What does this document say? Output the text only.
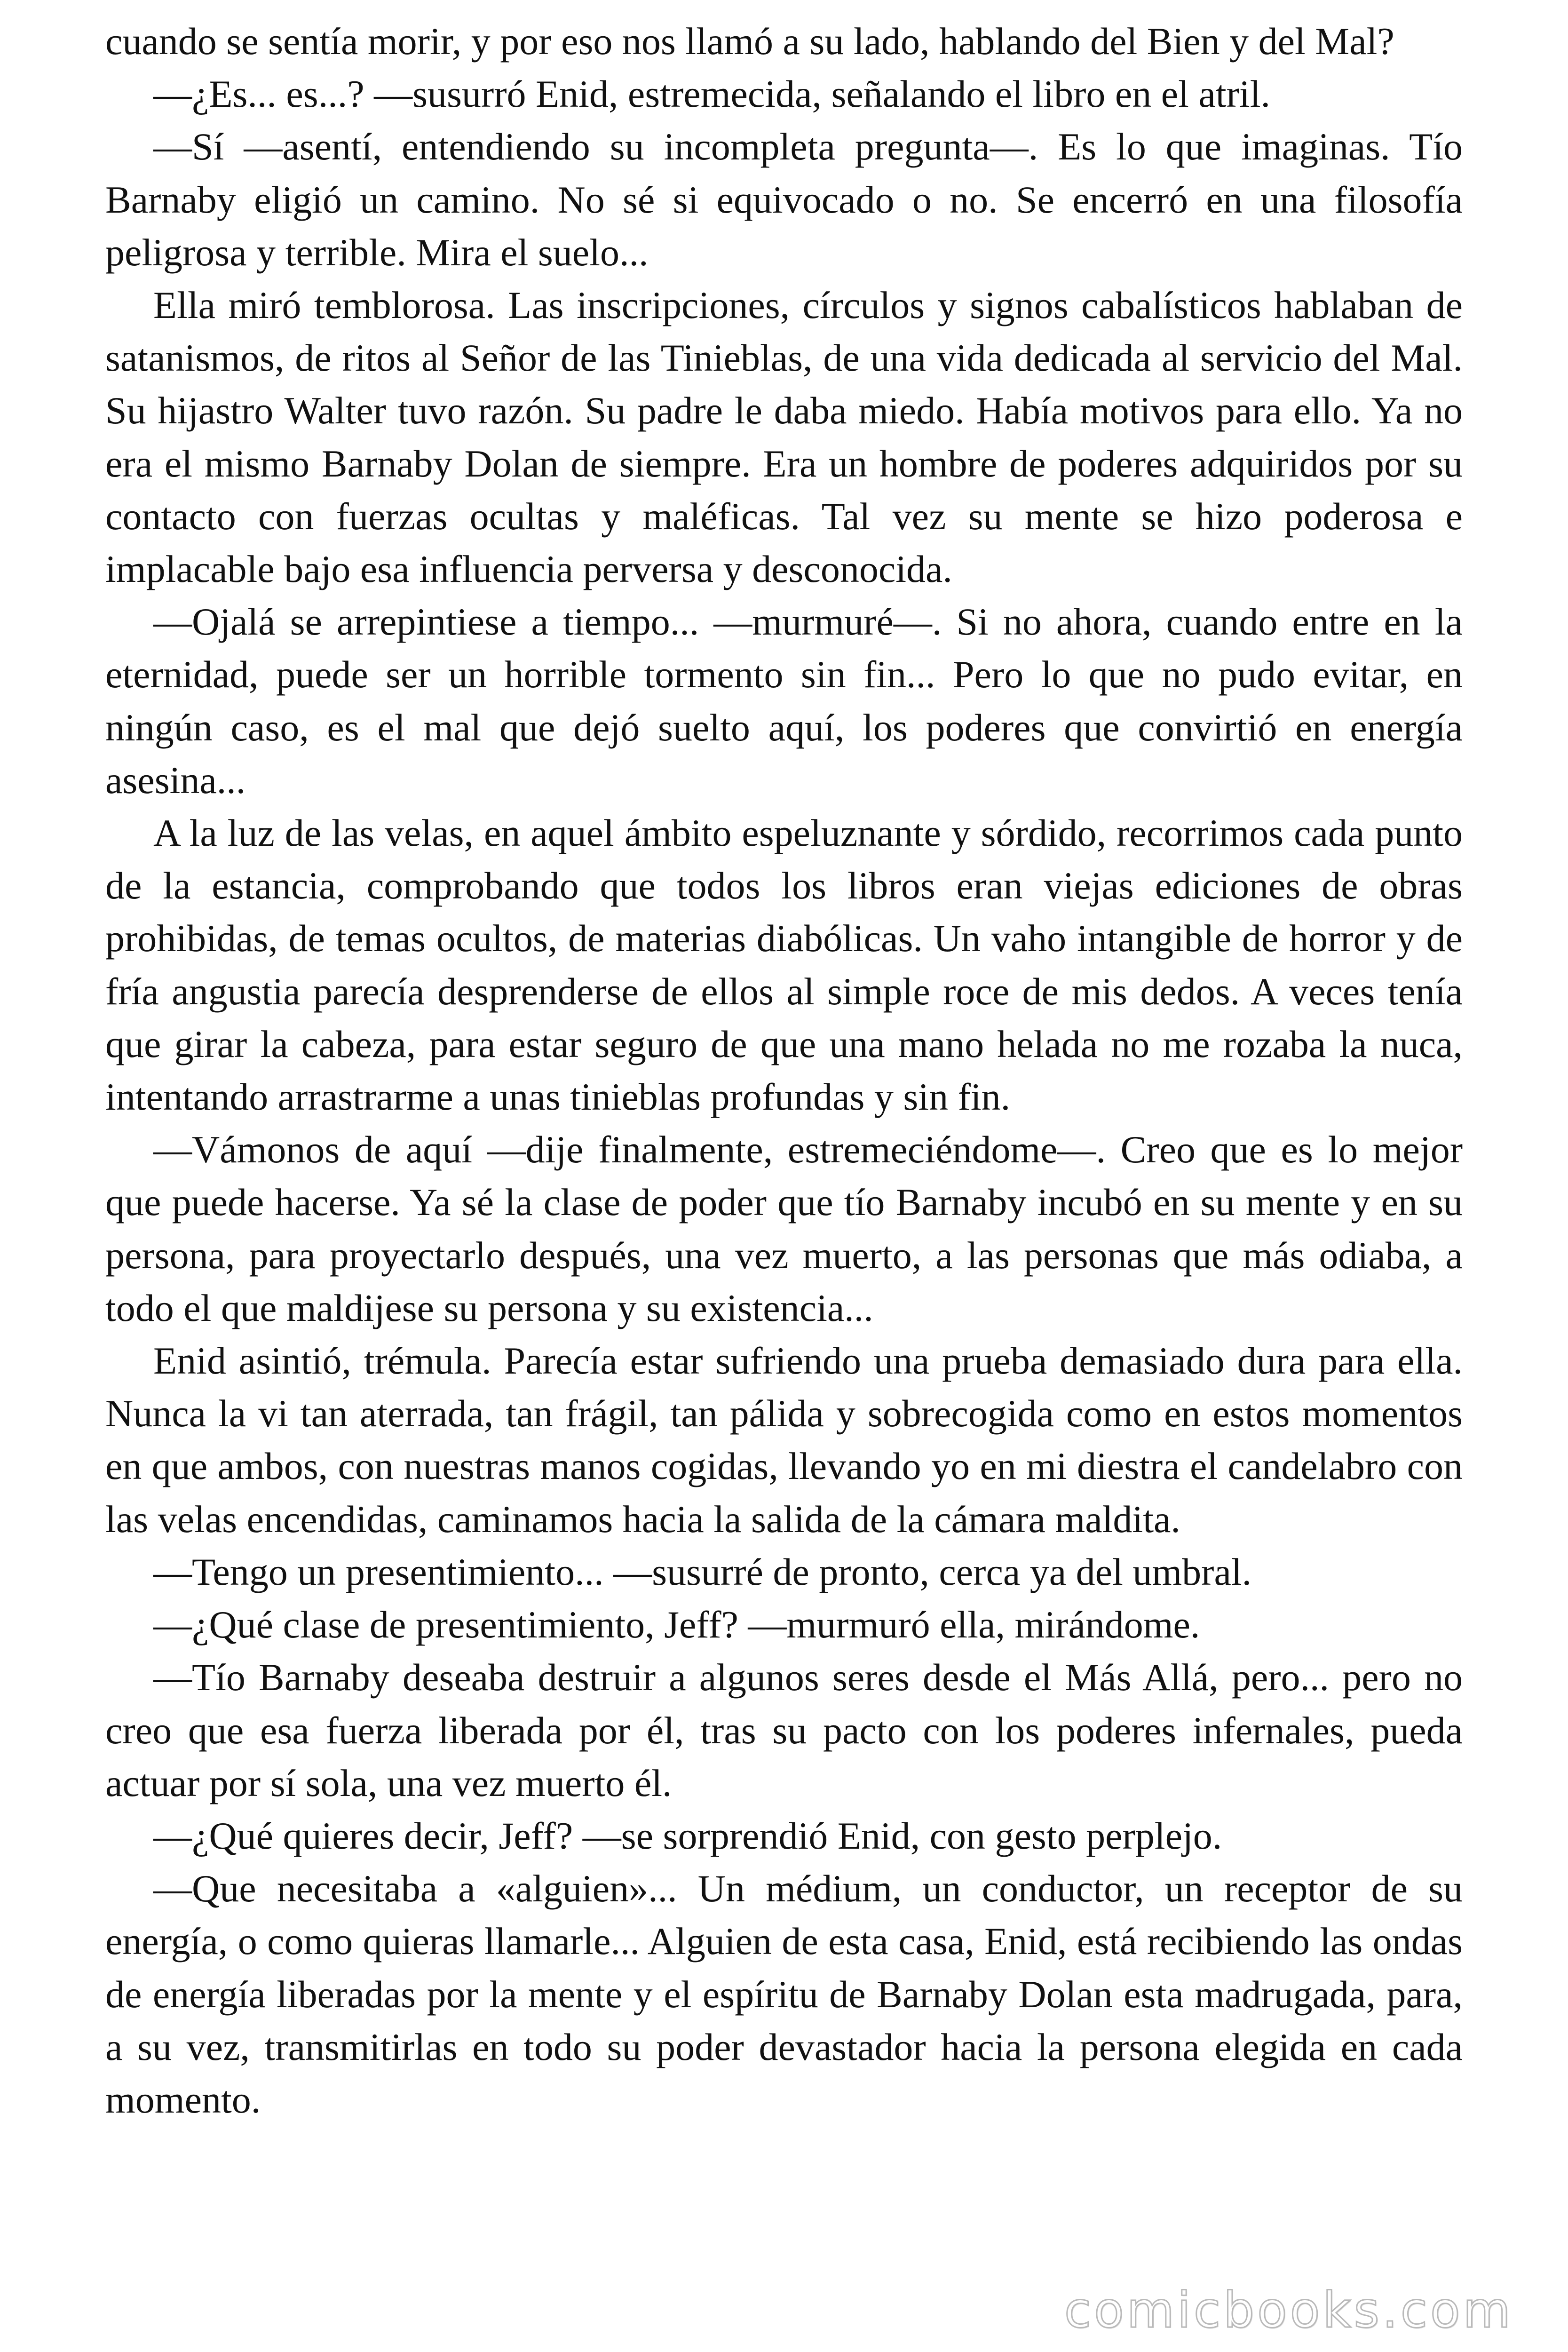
cuando se sentía morir, y por eso nos llamó a su lado, hablando del Bien y del Mal?

—¿Es... es...? —susurró Enid, estremecida, señalando el libro en el atril.

—Sí —asentí, entendiendo su incompleta pregunta—. Es lo que imaginas. Tío Barnaby eligió un camino. No sé si equivocado o no. Se encerró en una filosofía peligrosa y terrible. Mira el suelo...

Ella miró temblorosa. Las inscripciones, círculos y signos cabalísticos hablaban de satanismos, de ritos al Señor de las Tinieblas, de una vida dedicada al servicio del Mal. Su hijastro Walter tuvo razón. Su padre le daba miedo. Había motivos para ello. Ya no era el mismo Barnaby Dolan de siempre. Era un hombre de poderes adquiridos por su contacto con fuerzas ocultas y maléficas. Tal vez su mente se hizo poderosa e implacable bajo esa influencia perversa y desconocida.

—Ojalá se arrepintiese a tiempo... —murmuré—. Si no ahora, cuando entre en la eternidad, puede ser un horrible tormento sin fin... Pero lo que no pudo evitar, en ningún caso, es el mal que dejó suelto aquí, los poderes que convirtió en energía asesina...

A la luz de las velas, en aquel ámbito espeluznante y sórdido, recorrimos cada punto de la estancia, comprobando que todos los libros eran viejas ediciones de obras prohibidas, de temas ocultos, de materias diabólicas. Un vaho intangible de horror y de fría angustia parecía desprenderse de ellos al simple roce de mis dedos. A veces tenía que girar la cabeza, para estar seguro de que una mano helada no me rozaba la nuca, intentando arrastrarme a unas tinieblas profundas y sin fin.

—Vámonos de aquí —dije finalmente, estremeciéndome—. Creo que es lo mejor que puede hacerse. Ya sé la clase de poder que tío Barnaby incubó en su mente y en su persona, para proyectarlo después, una vez muerto, a las personas que más odiaba, a todo el que maldijese su persona y su existencia...

Enid asintió, trémula. Parecía estar sufriendo una prueba demasiado dura para ella. Nunca la vi tan aterrada, tan frágil, tan pálida y sobrecogida como en estos momentos en que ambos, con nuestras manos cogidas, llevando yo en mi diestra el candelabro con las velas encendidas, caminamos hacia la salida de la cámara maldita.

—Tengo un presentimiento... —susurré de pronto, cerca ya del umbral.

—¿Qué clase de presentimiento, Jeff? —murmuró ella, mirándome.

—Tío Barnaby deseaba destruir a algunos seres desde el Más Allá, pero... pero no creo que esa fuerza liberada por él, tras su pacto con los poderes infernales, pueda actuar por sí sola, una vez muerto él.

—¿Qué quieres decir, Jeff? —se sorprendió Enid, con gesto perplejo.

—Que necesitaba a «alguien»... Un médium, un conductor, un receptor de su energía, o como quieras llamarle... Alguien de esta casa, Enid, está recibiendo las ondas de energía liberadas por la mente y el espíritu de Barnaby Dolan esta madrugada, para, a su vez, transmitirlas en todo su poder devastador hacia la persona elegida en cada momento.

comicbooks.com
